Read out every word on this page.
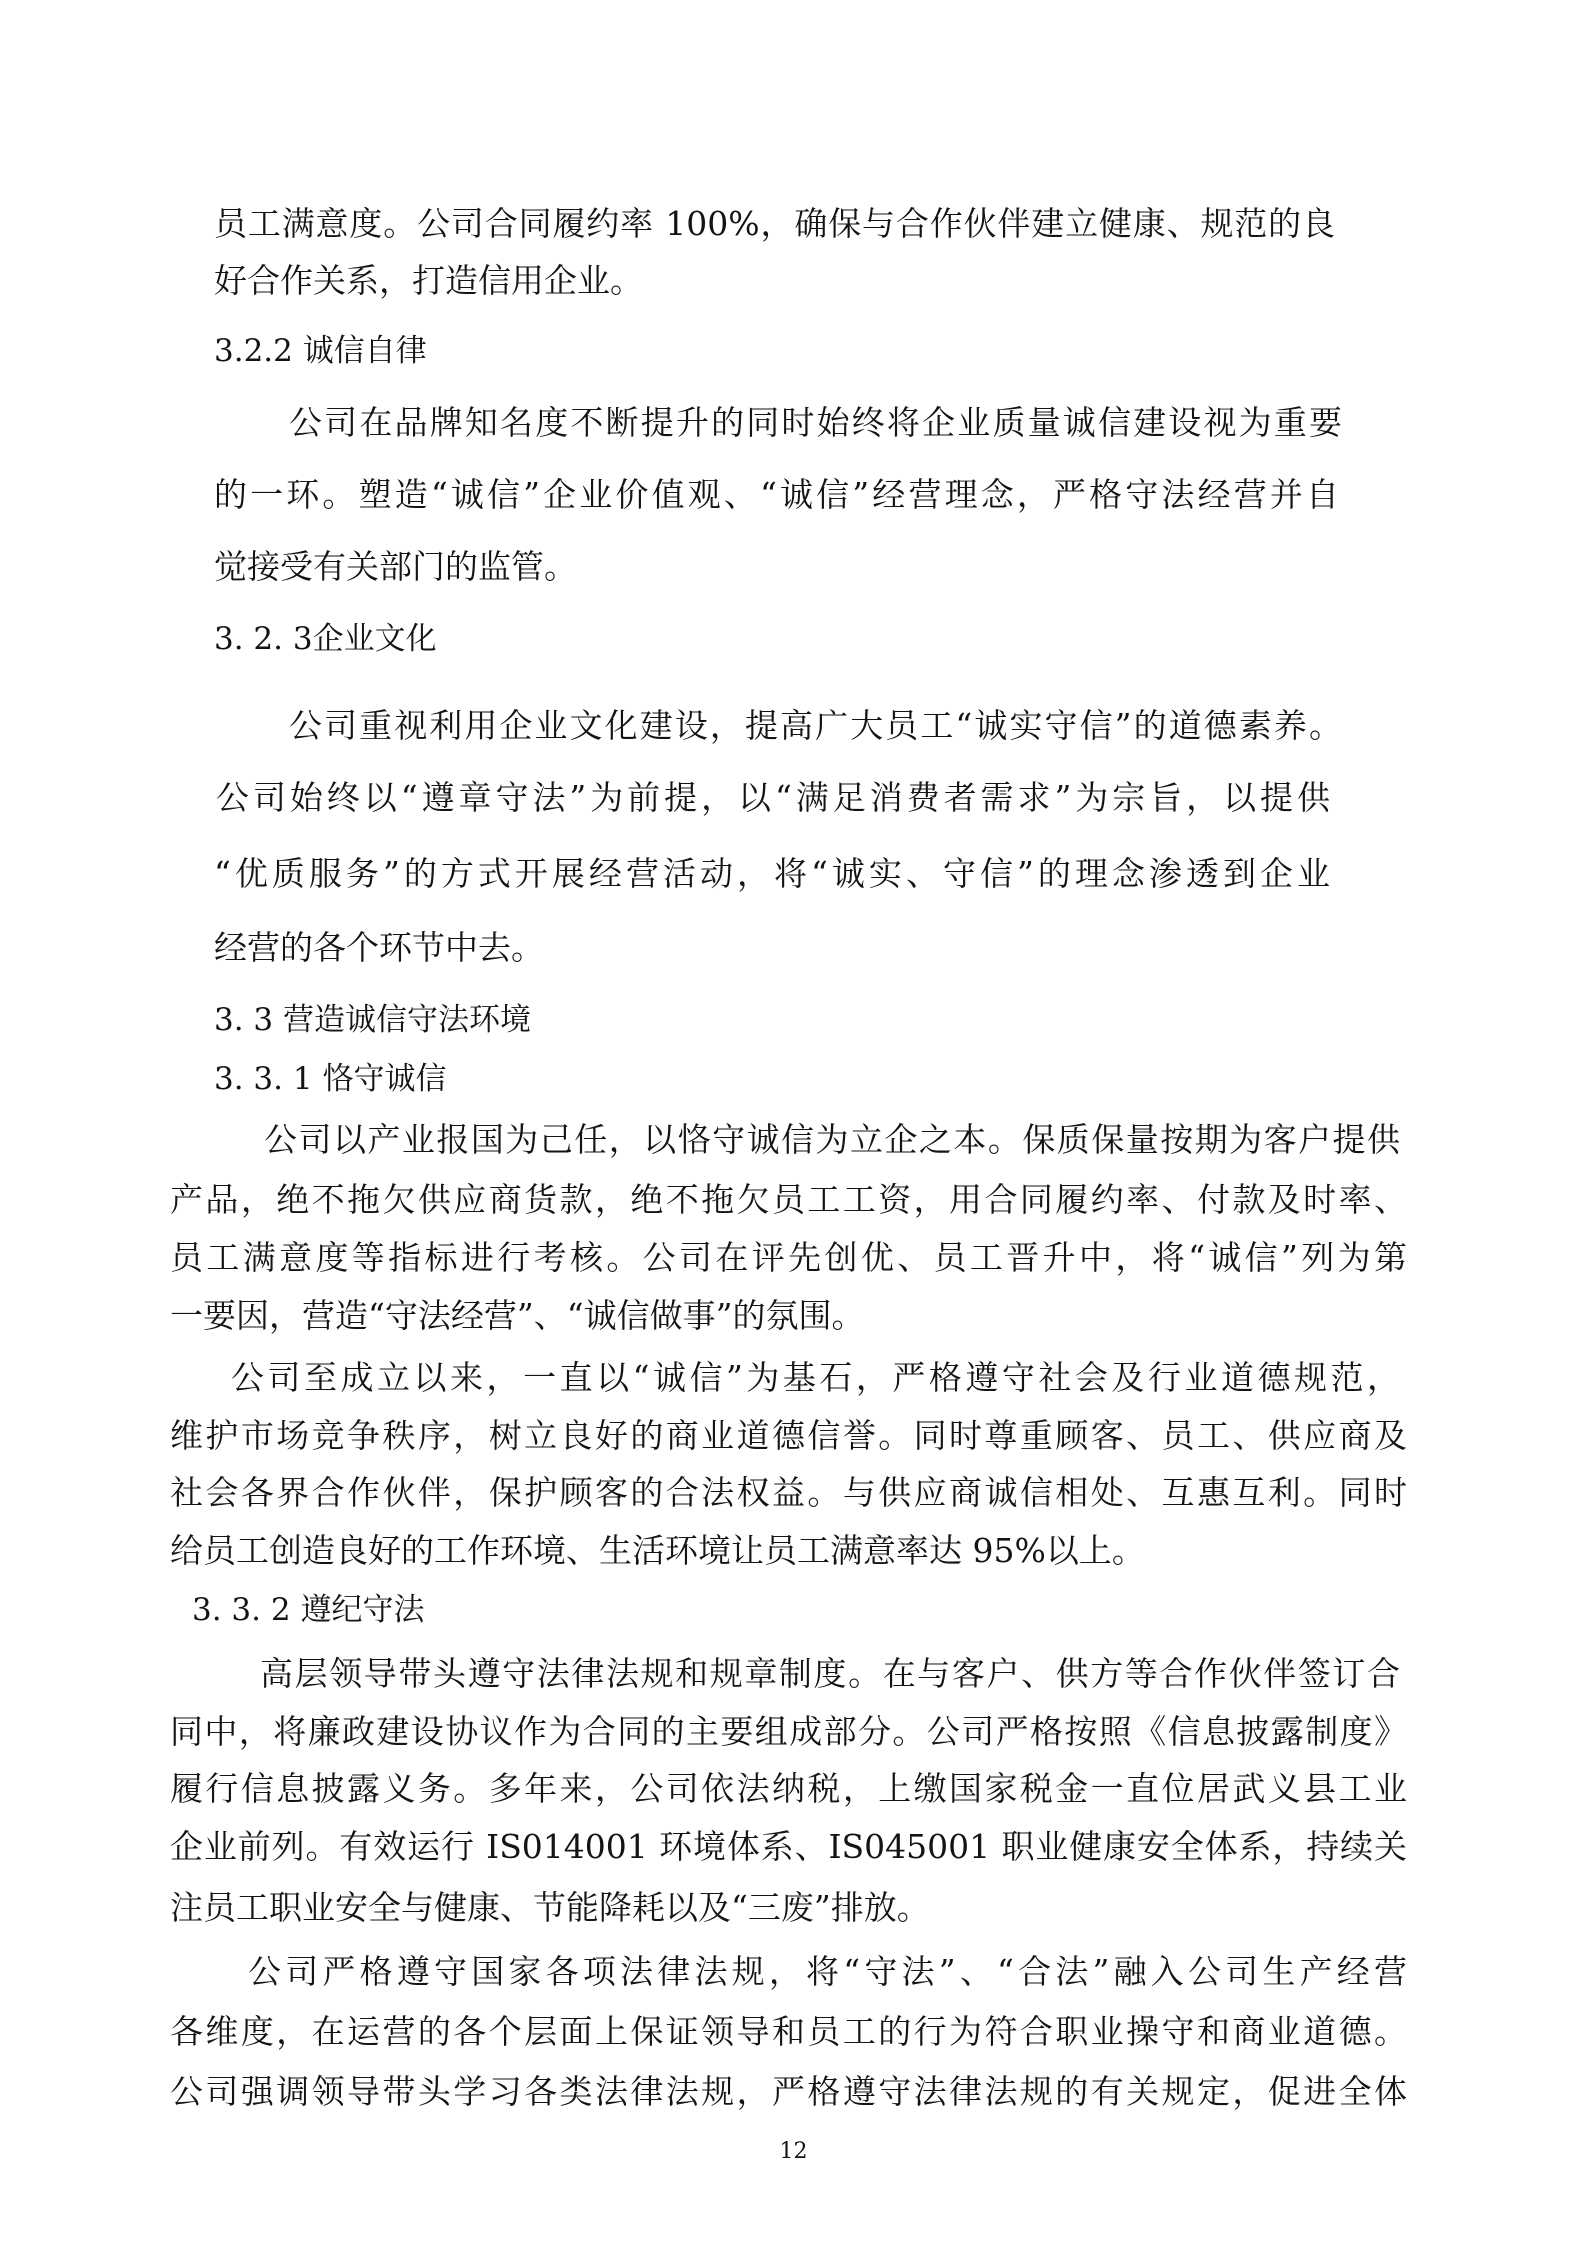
员工满意度。公司合同履约率 100%，确保与合作伙伴建立健康、规范的良
好合作关系，打造信用企业。
3.2.2 诚信自律
公司在品牌知名度不断提升的同时始终将企业质量诚信建设视为重要
的一环。塑造“诚信”企业价值观、“诚信”经营理念，严格守法经营并自
觉接受有关部门的监管。
3. 2. 3企业文化
公司重视利用企业文化建设，提高广大员工“诚实守信”的道德素养。
公司始终以“遵章守法”为前提，以“满足消费者需求”为宗旨，以提供
“优质服务”的方式开展经营活动，将“诚实、守信”的理念渗透到企业
经营的各个环节中去。
3. 3 营造诚信守法环境
3. 3. 1 恪守诚信
公司以产业报国为己任，以恪守诚信为立企之本。保质保量按期为客户提供
产品，绝不拖欠供应商货款，绝不拖欠员工工资，用合同履约率、付款及时率、
员工满意度等指标进行考核。公司在评先创优、员工晋升中，将“诚信”列为第
一要因，营造“守法经营”、“诚信做事”的氛围。
公司至成立以来，一直以“诚信”为基石，严格遵守社会及行业道德规范，
维护市场竞争秩序，树立良好的商业道德信誉。同时尊重顾客、员工、供应商及
社会各界合作伙伴，保护顾客的合法权益。与供应商诚信相处、互惠互利。同时
给员工创造良好的工作环境、生活环境让员工满意率达 95%以上。
3. 3. 2 遵纪守法
高层领导带头遵守法律法规和规章制度。在与客户、供方等合作伙伴签订合
同中，将廉政建设协议作为合同的主要组成部分。公司严格按照《信息披露制度》
履行信息披露义务。多年来，公司依法纳税，上缴国家税金一直位居武义县工业
企业前列。有效运行 IS014001 环境体系、IS045001 职业健康安全体系，持续关
注员工职业安全与健康、节能降耗以及“三废”排放。
公司严格遵守国家各项法律法规，将“守法”、“合法”融入公司生产经营
各维度，在运营的各个层面上保证领导和员工的行为符合职业操守和商业道德。
公司强调领导带头学习各类法律法规，严格遵守法律法规的有关规定，促进全体
12
